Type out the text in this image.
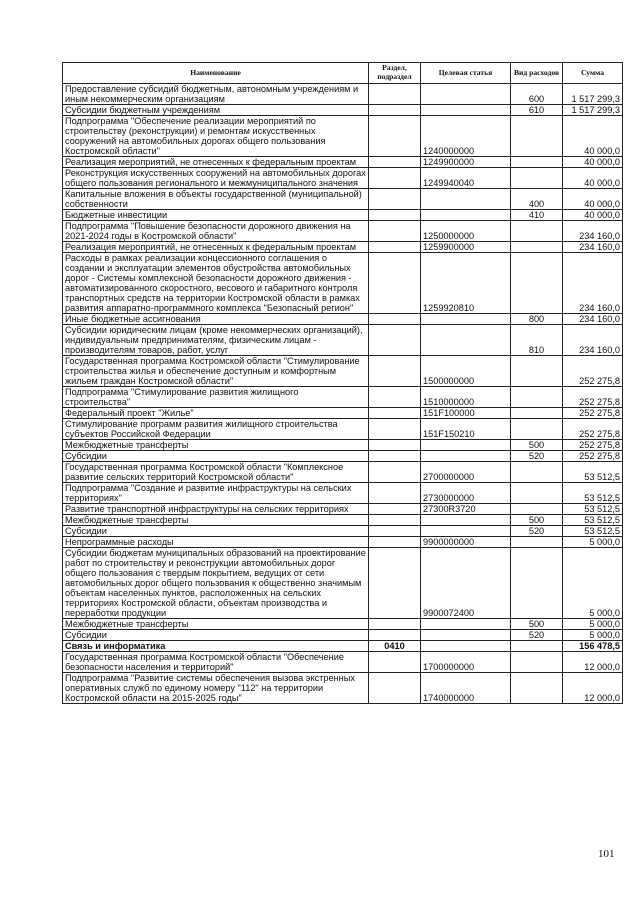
Наименование	Раздел, подраздел	Целевая статья	Вид расходов	Сумма
Предоставление субсидий бюджетным, автономным учреждениям и иным некоммерческим организациям			600	1 517 299,3
Субсидии бюджетным учреждениям			610	1 517 299,3
Подпрограмма "Обеспечение реализации мероприятий по строительству (реконструкции) и ремонтам искусственных сооружений на автомобильных дорогах общего пользования Костромской области"		1240000000		40 000,0
Реализация мероприятий, не отнесенных к федеральным проектам		1249900000		40 000,0
Реконструкция искусственных сооружений на автомобильных дорогах общего пользования регионального и межмуниципального значения		1249940040		40 000,0
Капитальные вложения в объекты государственной (муниципальной) собственности			400	40 000,0
Бюджетные инвестиции			410	40 000,0
Подпрограмма "Повышение безопасности дорожного движения на 2021-2024 годы в Костромской области"		1250000000		234 160,0
Реализация мероприятий, не отнесенных к федеральным проектам		1259900000		234 160,0
Расходы в рамках реализации концессионного соглашения о создании и эксплуатации элементов обустройства автомобильных дорог - Системы комплексной безопасности дорожного движения - автоматизированного скоростного, весового и габаритного контроля транспортных средств на территории Костромской области в рамках развития аппаратно-программного комплекса "Безопасный регион"		1259920810		234 160,0
Иные бюджетные ассигнования			800	234 160,0
Субсидии юридическим лицам (кроме некоммерческих организаций), индивидуальным предпринимателям, физическим лицам - производителям товаров, работ, услуг			810	234 160,0
Государственная программа Костромской области "Стимулирование строительства жилья и обеспечение доступным и комфортным жильем граждан Костромской области"		1500000000		252 275,8
Подпрограмма "Стимулирование развития жилищного строительства"		1510000000		252 275,8
Федеральный проект "Жилье"		151F100000		252 275,8
Стимулирование программ развития жилищного строительства субъектов Российской Федерации		151F150210		252 275,8
Межбюджетные трансферты			500	252 275,8
Субсидии			520	252 275,8
Государственная программа Костромской области "Комплексное развитие сельских территорий Костромской области"		2700000000		53 512,5
Подпрограмма "Создание и развитие инфраструктуры на сельских территориях"		2730000000		53 512,5
Развитие транспортной инфраструктуры на сельских территориях		27300R3720		53 512,5
Межбюджетные трансферты			500	53 512,5
Субсидии			520	53 512,5
Непрограммные расходы		9900000000		5 000,0
Субсидии бюджетам муниципальных образований на проектирование работ по строительству и реконструкции автомобильных дорог общего пользования с твердым покрытием, ведущих от сети автомобильных дорог общего пользования к общественно значимым объектам населенных пунктов, расположенных на сельских территориях Костромской области, объектам производства и переработки продукции		9900072400		5 000,0
Межбюджетные трансферты			500	5 000,0
Субсидии			520	5 000,0
Связь и информатика	0410			156 478,5
Государственная программа Костромской области "Обеспечение безопасности населения и территорий"		1700000000		12 000,0
Подпрограмма "Развитие системы обеспечения вызова экстренных оперативных служб по единому номеру "112" на территории Костромской области на 2015-2025 годы"		1740000000		12 000,0
101
